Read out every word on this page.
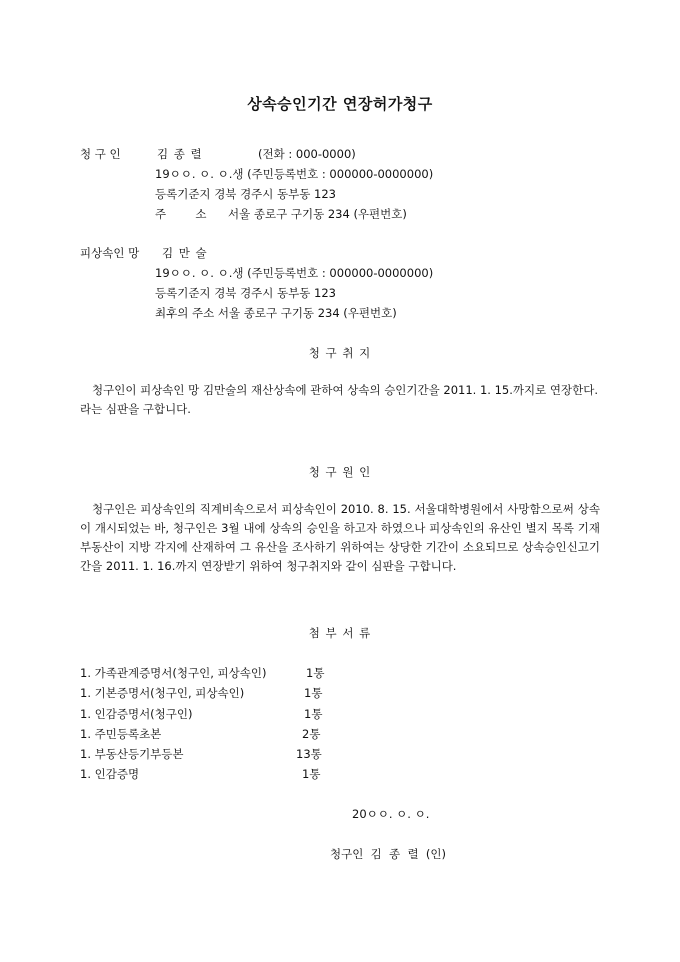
상속승인기간 연장허가청구
청 구 인	김 종 렬	(전화 : 000-0000)
19ㅇㅇ. ㅇ. ㅇ.생 (주민등록번호 : 000000-0000000)
등록기준지 경북 경주시 동부동 123
주        소 서울 종로구 구기동 234 (우편번호)
피상속인 망 김 만 술
19ㅇㅇ. ㅇ. ㅇ.생 (주민등록번호 : 000000-0000000)
등록기준지 경북 경주시 동부동 123
최후의 주소 서울 종로구 구기동 234 (우편번호)
청 구 취 지

청구인이 피상속인 망 김만술의 재산상속에 관하여 상속의 승인기간을 2011. 1. 15.까지로 연장한다.

라는 심판을 구합니다.

청 구 원 인

청구인은 피상속인의 직계비속으로서 피상속인이 2010. 8. 15. 서울대학병원에서 사망함으로써 상속이 개시되었는 바, 청구인은 3월 내에 상속의 승인을 하고자 하였으나 피상속인의 유산인 별지 목록 기재 부동산이 지방 각지에 산재하여 그 유산을 조사하기 위하여는 상당한 기간이 소요되므로 상속승인신고기간을 2011. 1. 16.까지 연장받기 위하여 청구취지와 같이 심판을 구합니다.

첨 부 서 류
1. 가족관계증명서(청구인, 피상속인)	1통
1. 기본증명서(청구인, 피상속인)	1통
1. 인감증명서(청구인)	1통
1. 주민등록초본	2통
1. 부동산등기부등본	13통
1. 인감증명	1통
20ㅇㅇ. ㅇ. ㅇ.
청구인  김  종  렬  (인)
